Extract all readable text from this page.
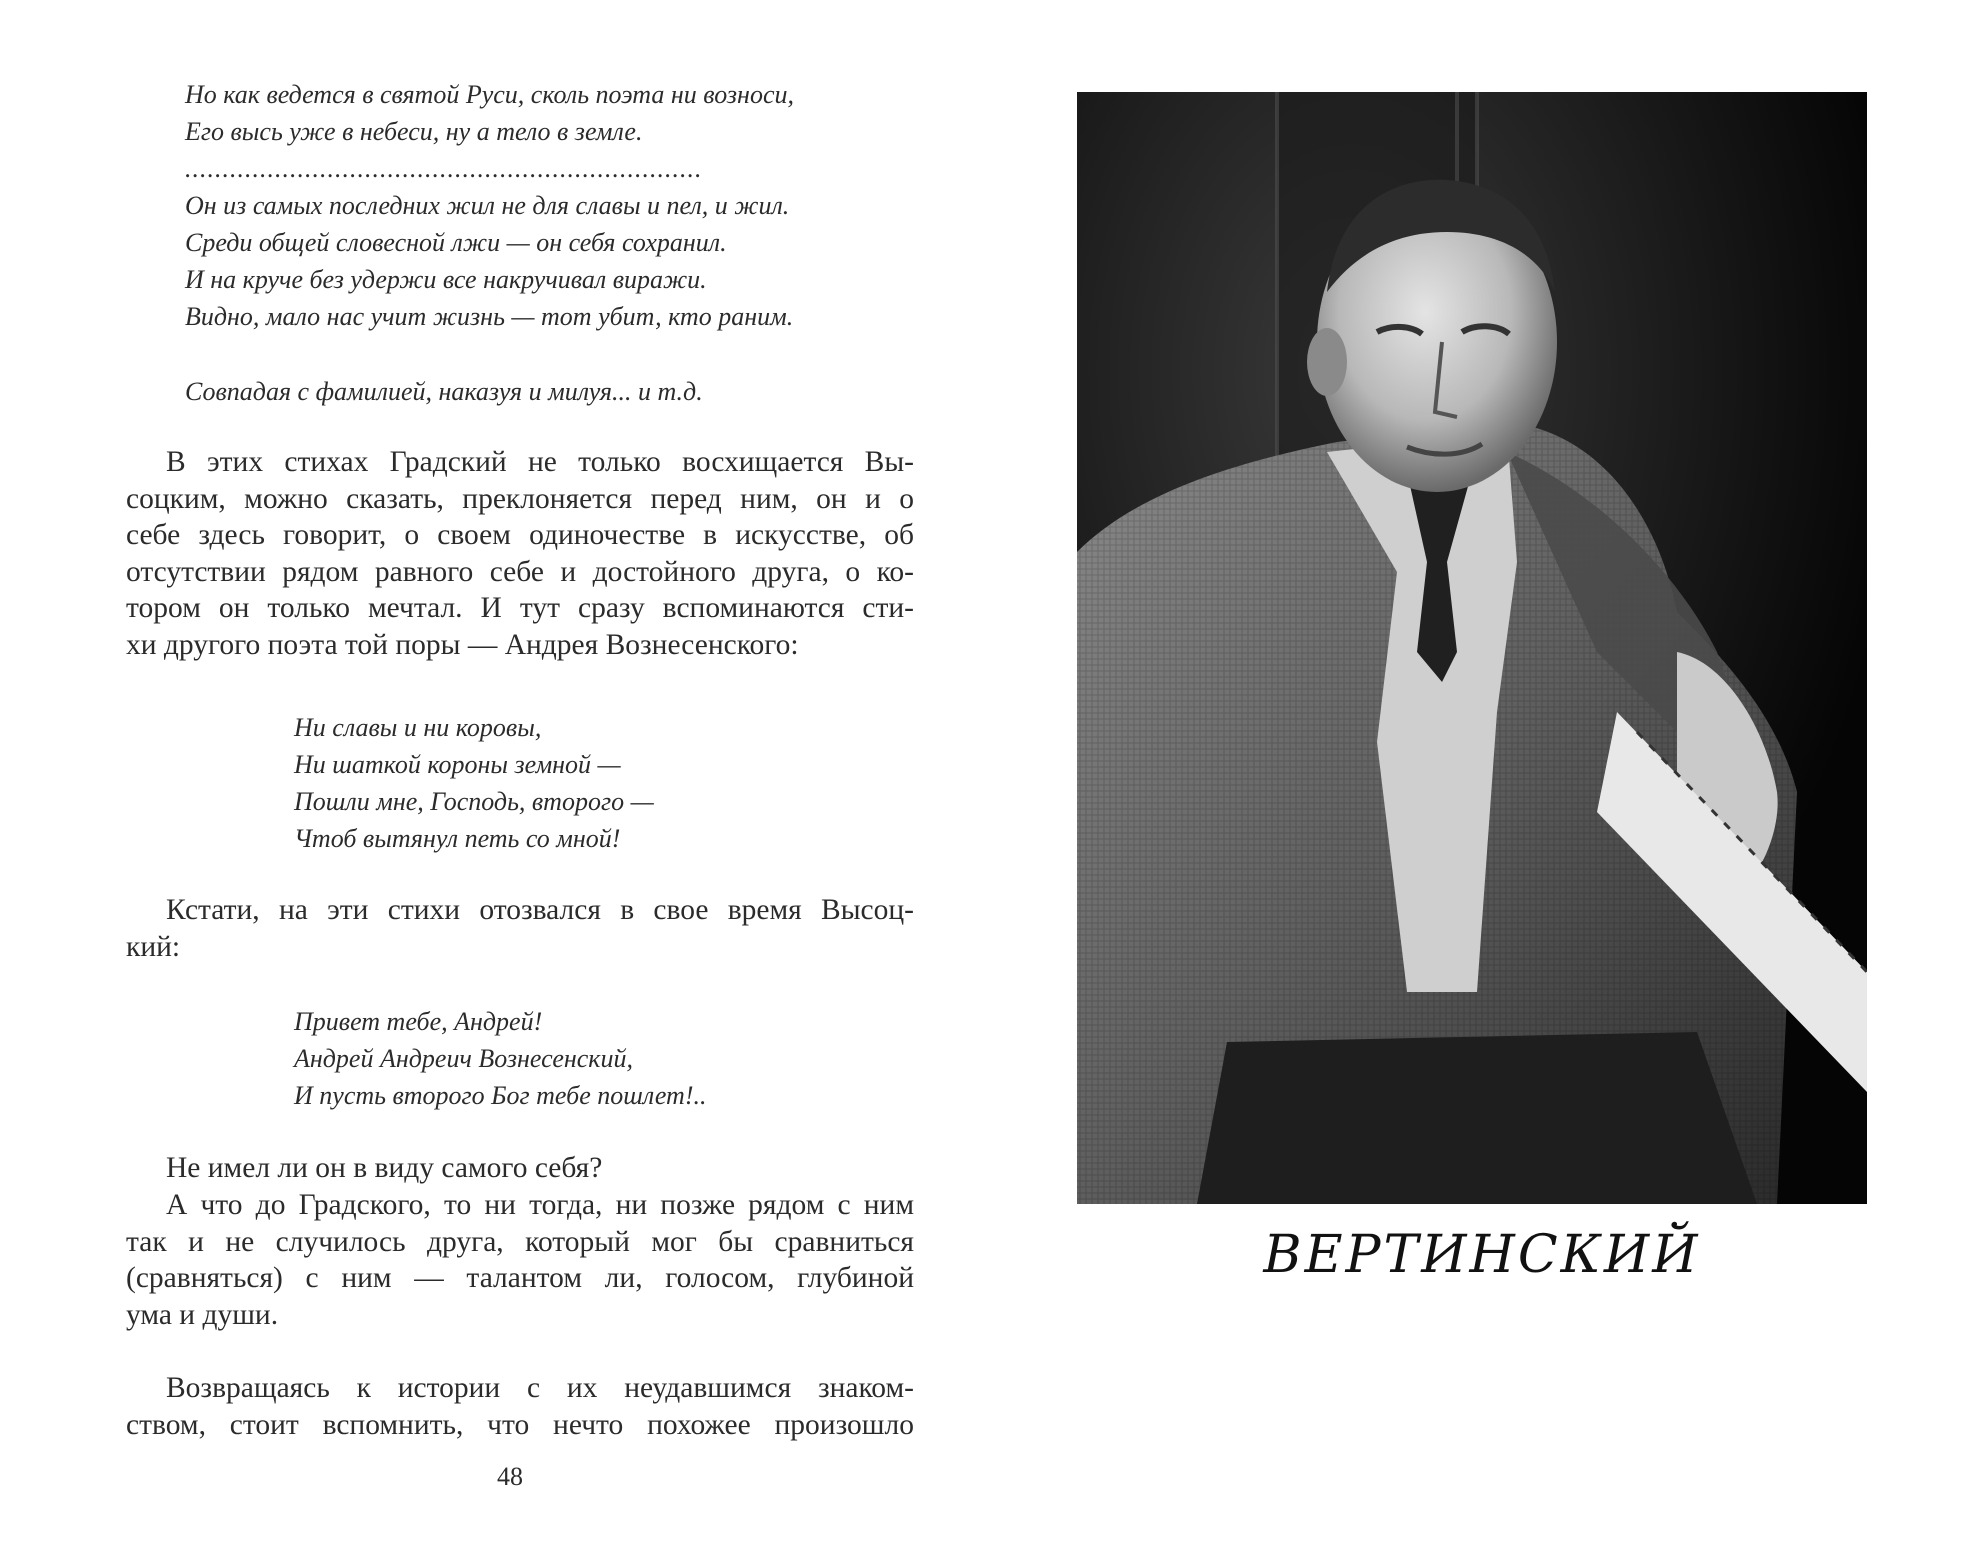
Но как ведется в святой Руси, сколь поэта ни возноси,
Его высь уже в небеси, ну а тело в земле.
.....................................................................
Он из самых последних жил не для славы и пел, и жил.
Среди общей словесной лжи — он себя сохранил.
И на круче без удержи все накручивал виражи.
Видно, мало нас учит жизнь — тот убит, кто раним.
Совпадая с фамилией, наказуя и милуя... и т.д.
В этих стихах Градский не только восхищается Вы-
соцким, можно сказать, преклоняется перед ним, он и о
себе здесь говорит, о своем одиночестве в искусстве, об
отсутствии рядом равного себе и достойного друга, о ко-
тором он только мечтал. И тут сразу вспоминаются сти-
хи другого поэта той поры — Андрея Вознесенского:
Ни славы и ни коровы,
Ни шаткой короны земной —
Пошли мне, Господь, второго —
Чтоб вытянул петь со мной!
Кстати, на эти стихи отозвался в свое время Высоц-
кий:
Привет тебе, Андрей!
Андрей Андреич Вознесенский,
И пусть второго Бог тебе пошлет!..
Не имел ли он в виду самого себя?
А что до Градского, то ни тогда, ни позже рядом с ним
так и не случилось друга, который мог бы сравниться
(сравняться) с ним — талантом ли, голосом, глубиной
ума и души.
Возвращаясь к истории с их неудавшимся знаком-
ством, стоит вспомнить, что нечто похожее произошло
48
ВЕРТИНСКИЙ
